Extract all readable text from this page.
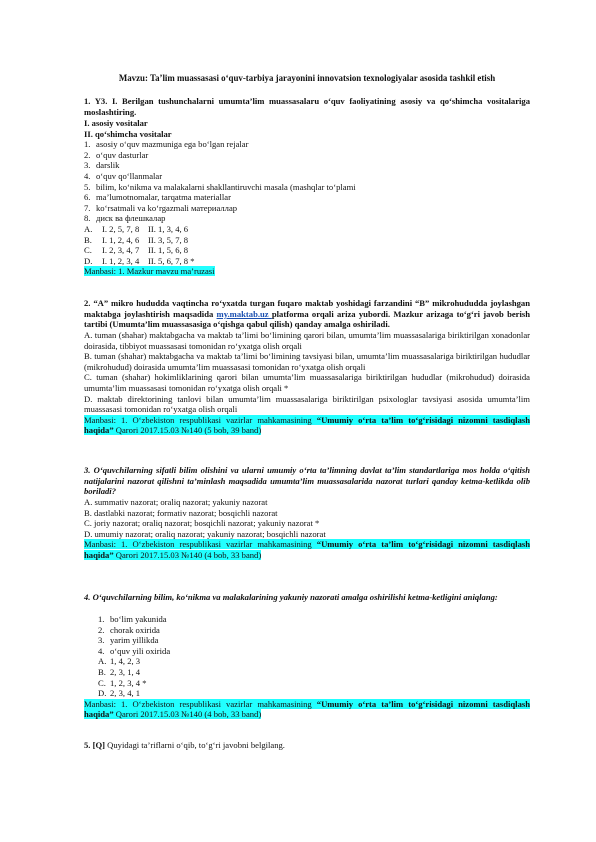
Mavzu: Ta’lim muassasasi o‘quv-tarbiya jarayonini innovatsion texnologiyalar asosida tashkil etish
1. Y3. I. Berilgan tushunchalarni umumta’lim muassasalaru o‘quv faoliyatining asosiy va qo‘shimcha vositalariga moslashtiring.
I. asosiy vositalar
II. qo‘shimcha vositalar
1. asosiy o‘quv mazmuniga ega bo‘lgan rejalar
2. o‘quv dasturlar
3. darslik
4. o‘quv qo‘llanmalar
5. bilim, ko‘nikma va malakalarni shakllantiruvchi masala (mashqlar to‘plami
6. ma’lumotnomalar, tarqatma materiallar
7. ko‘rsatmali va ko‘rgazmali материаллар
8. диск ва флешкалар
A. I. 2, 5, 7, 8 II. 1, 3, 4, 6
B. I. 1, 2, 4, 6 II. 3, 5, 7, 8
C. I. 2, 3, 4, 7 II. 1, 5, 6, 8
D. I. 1, 2, 3, 4 II. 5, 6, 7, 8 *
Manbasi: 1. Mazkur mavzu ma’ruzasi
2. “A” mikro hududda vaqtincha ro‘yxatda turgan fuqaro maktab yoshidagi farzandini “B” mikrohududda joylashgan maktabga joylashtirish maqsadida my.maktab.uz platforma orqali ariza yubordi. Mazkur arizaga to‘g‘ri javob berish tartibi (Umumta’lim muassasasiga o‘qishga qabul qilish) qanday amalga oshiriladi.
A. tuman (shahar) maktabgacha va maktab ta’limi bo‘limining qarori bilan, umumta’lim muassasalariga biriktirilgan xonadonlar doirasida, tibbiyot muassasasi tomonidan ro‘yxatga olish orqali
B. tuman (shahar) maktabgacha va maktab ta’limi bo‘limining tavsiyasi bilan, umumta’lim muassasalariga biriktirilgan hududlar (mikrohudud) doirasida umumta’lim muassasasi tomonidan ro‘yxatga olish orqali
C. tuman (shahar) hokimliklarining qarori bilan umumta’lim muassasalariga biriktirilgan hududlar (mikrohudud) doirasida umumta’lim muassasasi tomonidan ro‘yxatga olish orqali *
D. maktab direktorining tanlovi bilan umumta’lim muassasalariga biriktirilgan psixologlar tavsiyasi asosida umumta’lim muassasasi tomonidan ro‘yxatga olish orqali
Manbasi: 1. O‘zbekiston respublikasi vazirlar mahkamasining “Umumiy o‘rta ta’lim to‘g‘risidagi nizomni tasdiqlash haqida” Qarori 2017.15.03 №140 (5 bob, 39 band)
3. O‘quvchilarning sifatli bilim olishini va ularni umumiy o‘rta ta’limning davlat ta’lim standartlariga mos holda o‘qitish natijalarini nazorat qilishni ta’minlash maqsadida umumta’lim muassasalarida nazorat turlari qanday ketma-ketlikda olib boriladi?
A. summativ nazorat; oraliq nazorat; yakuniy nazorat
B. dastlabki nazorat; formativ nazorat; bosqichli nazorat
C. joriy nazorat; oraliq nazorat; bosqichli nazorat; yakuniy nazorat *
D. umumiy nazorat; oraliq nazorat; yakuniy nazorat; bosqichli nazorat
Manbasi: 1. O‘zbekiston respublikasi vazirlar mahkamasining “Umumiy o‘rta ta’lim to‘g‘risidagi nizomni tasdiqlash haqida” Qarori 2017.15.03 №140 (4 bob, 33 band)
4. O‘quvchilarning bilim, ko‘nikma va malakalarining yakuniy nazorati amalga oshirilishi ketma-ketligini aniqlang:
1. bo‘lim yakunida
2. chorak oxirida
3. yarim yillikda
4. o‘quv yili oxirida
A. 1, 4, 2, 3
B. 2, 3, 1, 4
C. 1, 2, 3, 4 *
D. 2, 3, 4, 1
Manbasi: 1. O‘zbekiston respublikasi vazirlar mahkamasining “Umumiy o‘rta ta’lim to‘g‘risidagi nizomni tasdiqlash haqida” Qarori 2017.15.03 №140 (4 bob, 33 band)
5. [Q] Quyidagi ta’riflarni o‘qib, to‘g‘ri javobni belgilang.
